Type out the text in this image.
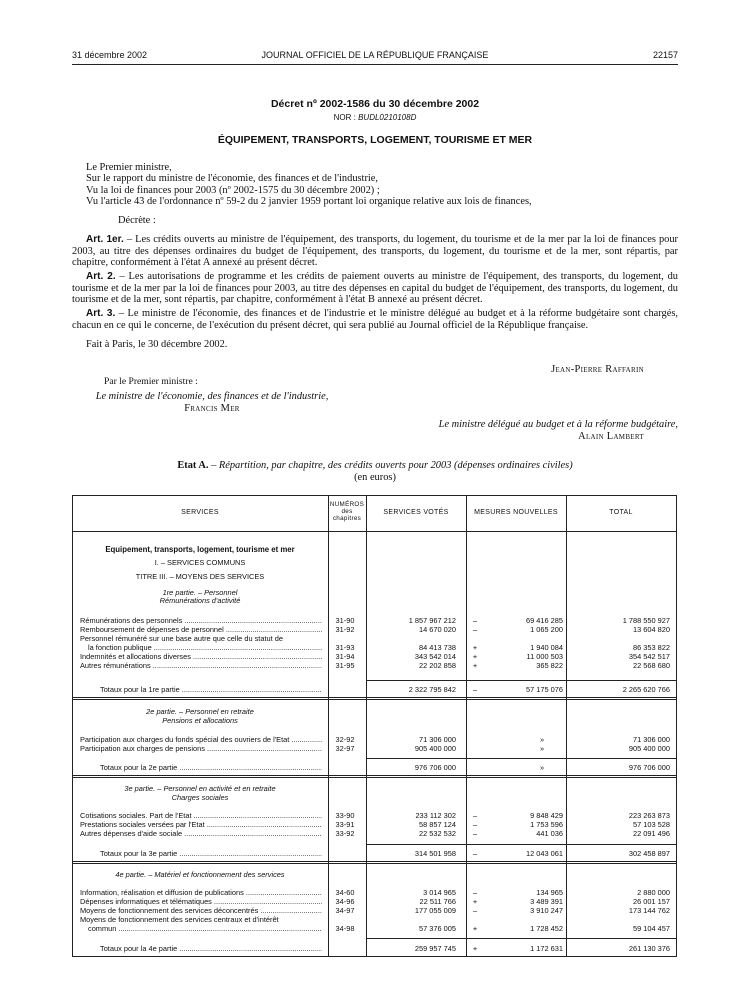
31 décembre 2002	JOURNAL OFFICIEL DE LA RÉPUBLIQUE FRANÇAISE	22157
Décret nº 2002-1586 du 30 décembre 2002
NOR : BUDL0210108D
ÉQUIPEMENT, TRANSPORTS, LOGEMENT, TOURISME ET MER
Le Premier ministre,
Sur le rapport du ministre de l'économie, des finances et de l'industrie,
Vu la loi de finances pour 2003 (nº 2002-1575 du 30 décembre 2002) ;
Vu l'article 43 de l'ordonnance nº 59-2 du 2 janvier 1959 portant loi organique relative aux lois de finances,
Décrète :
Art. 1er. – Les crédits ouverts au ministre de l'équipement, des transports, du logement, du tourisme et de la mer par la loi de finances pour 2003, au titre des dépenses ordinaires du budget de l'équipement, des transports, du logement, du tourisme et de la mer, sont répartis, par chapitre, conformément à l'état A annexé au présent décret.
Art. 2. – Les autorisations de programme et les crédits de paiement ouverts au ministre de l'équipement, des transports, du logement, du tourisme et de la mer par la loi de finances pour 2003, au titre des dépenses en capital du budget de l'équipement, des transports, du logement, du tourisme et de la mer, sont répartis, par chapitre, conformément à l'état B annexé au présent décret.
Art. 3. – Le ministre de l'économie, des finances et de l'industrie et le ministre délégué au budget et à la réforme budgétaire sont chargés, chacun en ce qui le concerne, de l'exécution du présent décret, qui sera publié au Journal officiel de la République française.
Fait à Paris, le 30 décembre 2002.
Jean-Pierre Raffarin
Par le Premier ministre :
Le ministre de l'économie, des finances et de l'industrie,
Francis Mer
Le ministre délégué au budget et à la réforme budgétaire,
Alain Lambert
Etat A. – Répartition, par chapitre, des crédits ouverts pour 2003 (dépenses ordinaires civiles)
(en euros)
SERVICES
NUMÉROS des chapitres
SERVICES VOTÉS	MESURES NOUVELLES	TOTAL
Equipement, transports, logement, tourisme et mer
I. – SERVICES COMMUNS
TITRE III. – MOYENS DES SERVICES
1re partie. – Personnel
Rémunérations d'activité
Rémunérations des personnels .....	31-90	1 857 967 212	–	69 416 285	1 788 550 927
Remboursement de dépenses de personnel .....	31-92	14 670 020	–	1 065 200	13 604 820
Personnel rémunéré sur une base autre que celle du statut de
la fonction publique .....	31-93	84 413 738	+	1 940 084	86 353 822
Indemnités et allocations diverses .....	31-94	343 542 014	+	11 000 503	354 542 517
Autres rémunérations .....	31-95	22 202 858	+	365 822	22 568 680
Totaux pour la 1re partie .....	2 322 795 842	–	57 175 076	2 265 620 766
2e partie. – Personnel en retraite
Pensions et allocations
Participation aux charges du fonds spécial des ouvriers de l'Etat .....	32-92	71 306 000	»	71 306 000
Participation aux charges de pensions .....	32-97	905 400 000	»	905 400 000
Totaux pour la 2e partie .....	976 706 000	»	976 706 000
3e partie. – Personnel en activité et en retraite
Charges sociales
Cotisations sociales. Part de l'Etat .....	33-90	233 112 302	–	9 848 429	223 263 873
Prestations sociales versées par l'Etat .....	33-91	58 857 124	–	1 753 596	57 103 528
Autres dépenses d'aide sociale .....	33-92	22 532 532	–	441 036	22 091 496
Totaux pour la 3e partie .....	314 501 958	–	12 043 061	302 458 897
4e partie. – Matériel et fonctionnement des services
Information, réalisation et diffusion de publications .....	34-60	3 014 965	–	134 965	2 880 000
Dépenses informatiques et télématiques .....	34-96	22 511 766	+	3 489 391	26 001 157
Moyens de fonctionnement des services déconcentrés .....	34-97	177 055 009	–	3 910 247	173 144 762
Moyens de fonctionnement des services centraux et d'intérêt
commun .....	34-98	57 376 005	+	1 728 452	59 104 457
Totaux pour la 4e partie .....	259 957 745	+	1 172 631	261 130 376
